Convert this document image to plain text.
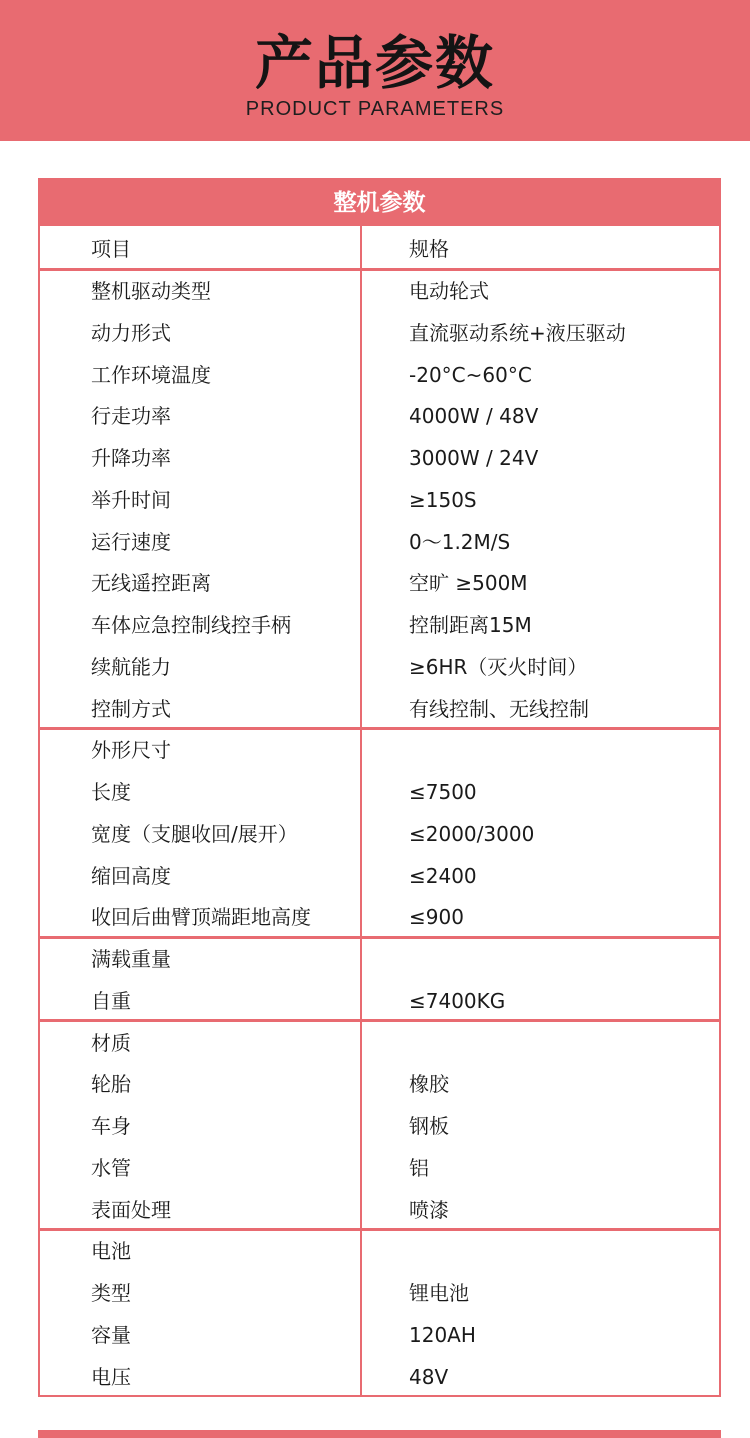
产品参数
PRODUCT PARAMETERS
整机参数
项目	规格
整机驱动类型	电动轮式
动力形式	直流驱动系统+液压驱动
工作环境温度	-20°C~60°C
行走功率	4000W / 48V
升降功率	3000W / 24V
举升时间	≥150S
运行速度	0～1.2M/S
无线遥控距离	空旷 ≥500M
车体应急控制线控手柄	控制距离15M
续航能力	≥6HR（灭火时间）
控制方式	有线控制、无线控制
外形尺寸
长度	≤7500
宽度（支腿收回/展开）	≤2000/3000
缩回高度	≤2400
收回后曲臂顶端距地高度	≤900
满载重量
自重	≤7400KG
材质
轮胎	橡胶
车身	钢板
水管	铝
表面处理	喷漆
电池
类型	锂电池
容量	120AH
电压	48V
